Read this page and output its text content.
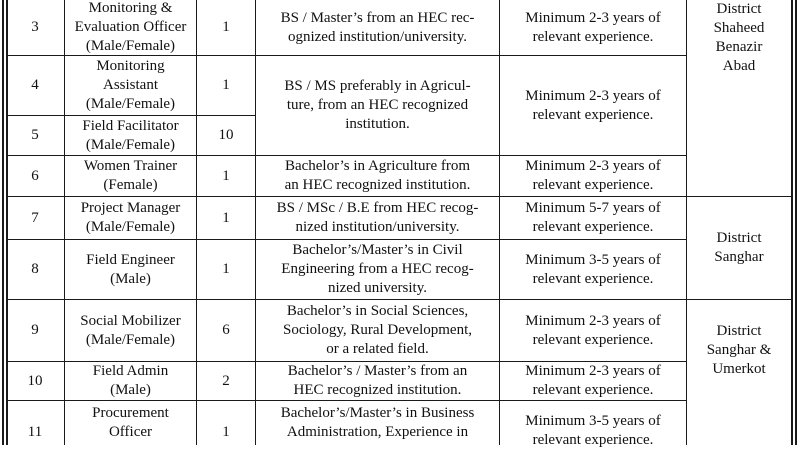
3
Monitoring &
Evaluation Officer
(Male/Female)
1
BS / Master’s from an HEC rec-
ognized institution/university.
Minimum 2-3 years of
relevant experience.
4
Monitoring
Assistant
(Male/Female)
1	BS / MS preferably in Agricul-
ture, from an HEC recognized
institution.
Minimum 2-3 years of
relevant experience.
5
Field Facilitator
(Male/Female)
10
6
Women Trainer
(Female)
1
Bachelor’s in Agriculture from
an HEC recognized institution.
Minimum 2-3 years of
relevant experience.
7
Project Manager
(Male/Female)
1
BS / MSc / B.E from HEC recog-
nized institution/university.
Minimum 5-7 years of
relevant experience.
8
Field Engineer
(Male)
1
Bachelor’s/Master’s in Civil
Engineering from a HEC recog-
nized university.
Minimum 3-5 years of
relevant experience.
9
Social Mobilizer
(Male/Female)
6
Bachelor’s in Social Sciences,
Sociology, Rural Development,
or a related field.
Minimum 2-3 years of
relevant experience.
10
Field Admin
(Male)
2
Bachelor’s / Master’s from an
HEC recognized institution.
Minimum 2-3 years of
relevant experience.
11
Procurement
Officer	1
Bachelor’s/Master’s in Business
Administration, Experience in
Minimum 3-5 years of
relevant experience.
District
Shaheed
Benazir
Abad
District
Sanghar
District
Sanghar &
Umerkot
